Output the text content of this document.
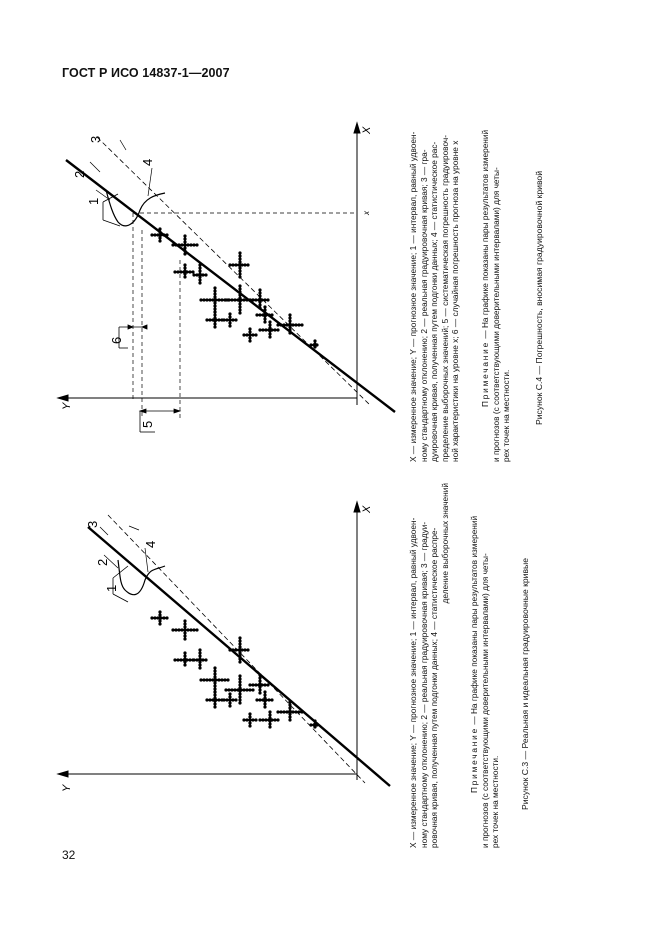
ГОСТ Р ИСО 14837-1—2007
32
1
2
3
4
X
Y
1
2
3
4
5
6
X
Y
x
X — измеренное значение; Y — прогнозное значение; 1 — интервал, равный удвоен- ному стандартному отклонению; 2 — реальная градуировочная кривая; 3 — градуи- ровочная кривая, полученная путем подгонки данных; 4 — статистическое распре- деление выборочных значений
Примечание — На графике показаны пары результатов измерений и прогнозов (с соответствующими доверительными интервалами) для четы- рех точек на местности. Рисунок С.3 — Реальная и идеальная градуировочные кривые
X — измеренное значение; Y — прогнозное значение; 1 — интервал, равный удвоен- ному стандартному отклонению; 2 — реальная градуировочная кривая; 3 — гра- дуировочная кривая, полученная путем подгонки данных; 4 — статистическое рас- пределение выборочных значений; 5 — систематическая погрешность градуировоч- ной характеристики на уровне x; 6 — случайная погрешность прогноза на уровне x Примечание — На графике показаны пары результатов измерений и прогнозов (с соответствующими доверительными интервалами) для четы- рех точек на местности.	Рисунок С.4 — Погрешность, вносимая градуировочной кривой
